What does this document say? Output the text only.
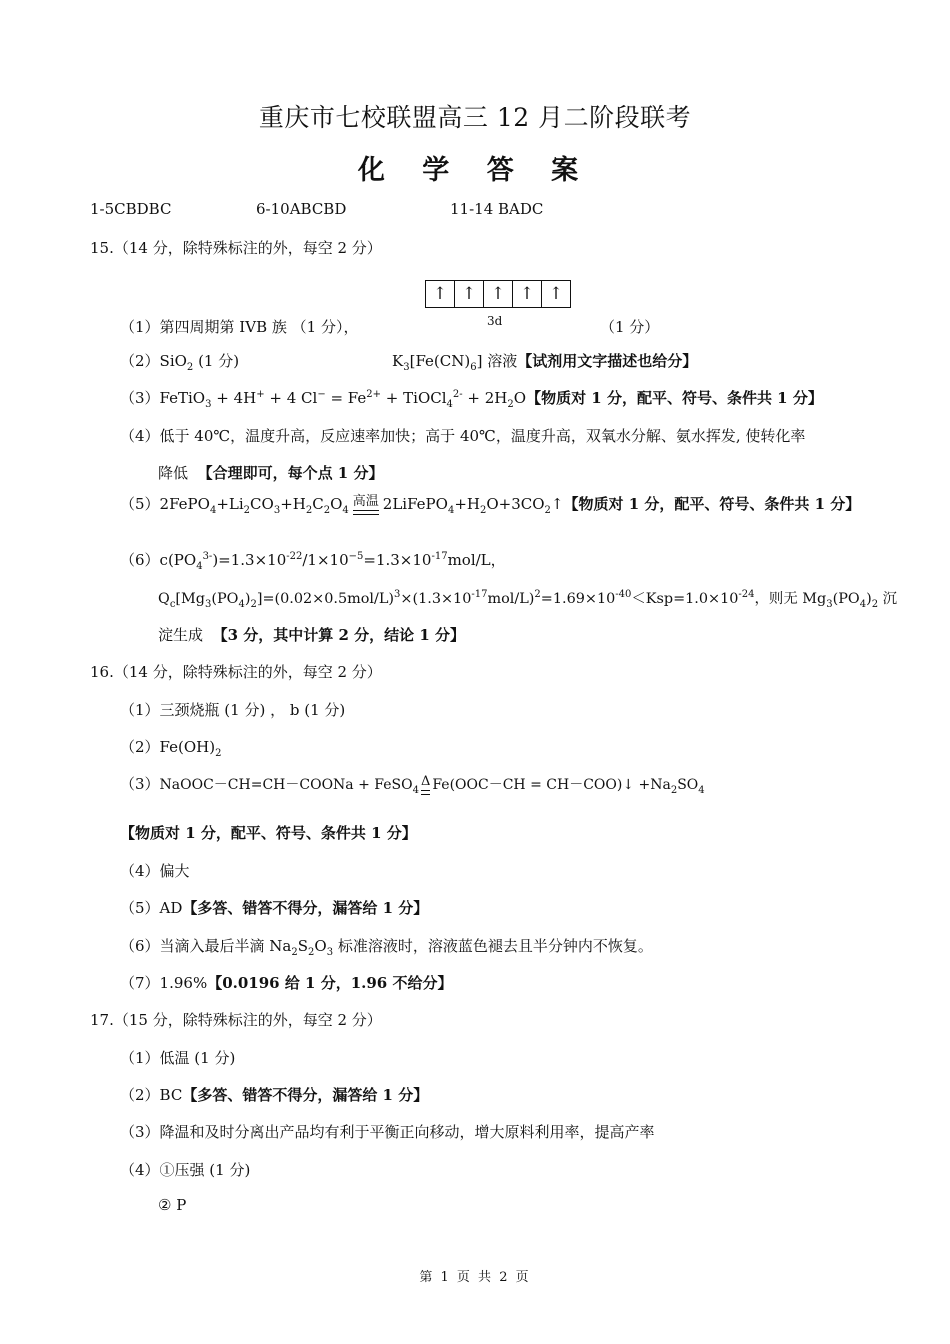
重庆市七校联盟高三 12 月二阶段联考
化 学 答 案
1-5CBDBC	6-10ABCBD	11-14 BADC
15.（14 分，除特殊标注的外，每空 2 分）
↑ ↑ ↑ ↑ ↑
3d
（1）第四周期第 IVB 族 （1 分），	（1 分）
（2）SiO$_2$ (1 分)	$K_3[Fe(CN)_6]$ 溶液【试剂用文字描述也给分】
（3）FeTiO$_3$ + 4H+ + 4 $Cl^- = Fe^{2+}$ + TiOCl$_4^{2-}$ + $2H_2O$【物质对 1 分，配平、符号、条件共 1 分】
（4）低于 40℃，温度升高，反应速率加快；高于 40℃，温度升高，双氧水分解、氨水挥发, 使转化率
降低 【合理即可，每个点 1 分】
$(5)2FePO_4+Li_2CO_3+H_2C_2O_4$
高温 $2LiFePO_4+H_2O+3CO_2↑$【物质对 1 分，配平、符号、条件共 1 分】
$(6)c(PO_4^{3-})=1.3\times 10^{-22}/1\times 10^{-5}=1.3\times 10^{-17}mol/L$，
$Q_c[Mg_3(PO_4)_2]=(0.02\times 0.5mol/L)^3\times(1.3\times 10^{-17}mol/L)^2=1.69\times 10^{-40}<Ksp=1.0\times 10^{-24}$，则无 $Mg_3(PO_4)_2$ 沉
淀生成 【3 分，其中计算 2 分，结论 1 分】
16.（14 分，除特殊标注的外，每空 2 分）
（1）三颈烧瓶 (1 分) ， b (1 分)
$(2)Fe(OH)_2$
（3）NaOOC－CH=CH－COONa + FeSO$_4$
Δ Fe(OOC－CH = CH－COO)↓ $+Na_2SO_4$
【物质对 1 分，配平、符号、条件共 1 分】
（4）偏大
（5）AD【多答、错答不得分，漏答给 1 分】
（6）当滴入最后半滴 $Na_2S_2O_3$ 标准溶液时，溶液蓝色褪去且半分钟内不恢复。
（7）1.96%【0.0196 给 1 分，1.96 不给分】
17.（15 分，除特殊标注的外，每空 2 分）
（1）低温 (1 分)
（2）BC【多答、错答不得分，漏答给 1 分】
（3）降温和及时分离出产品均有利于平衡正向移动，增大原料利用率，提高产率
（4）①压强 (1 分)
② P
第 1 页 共 2 页
